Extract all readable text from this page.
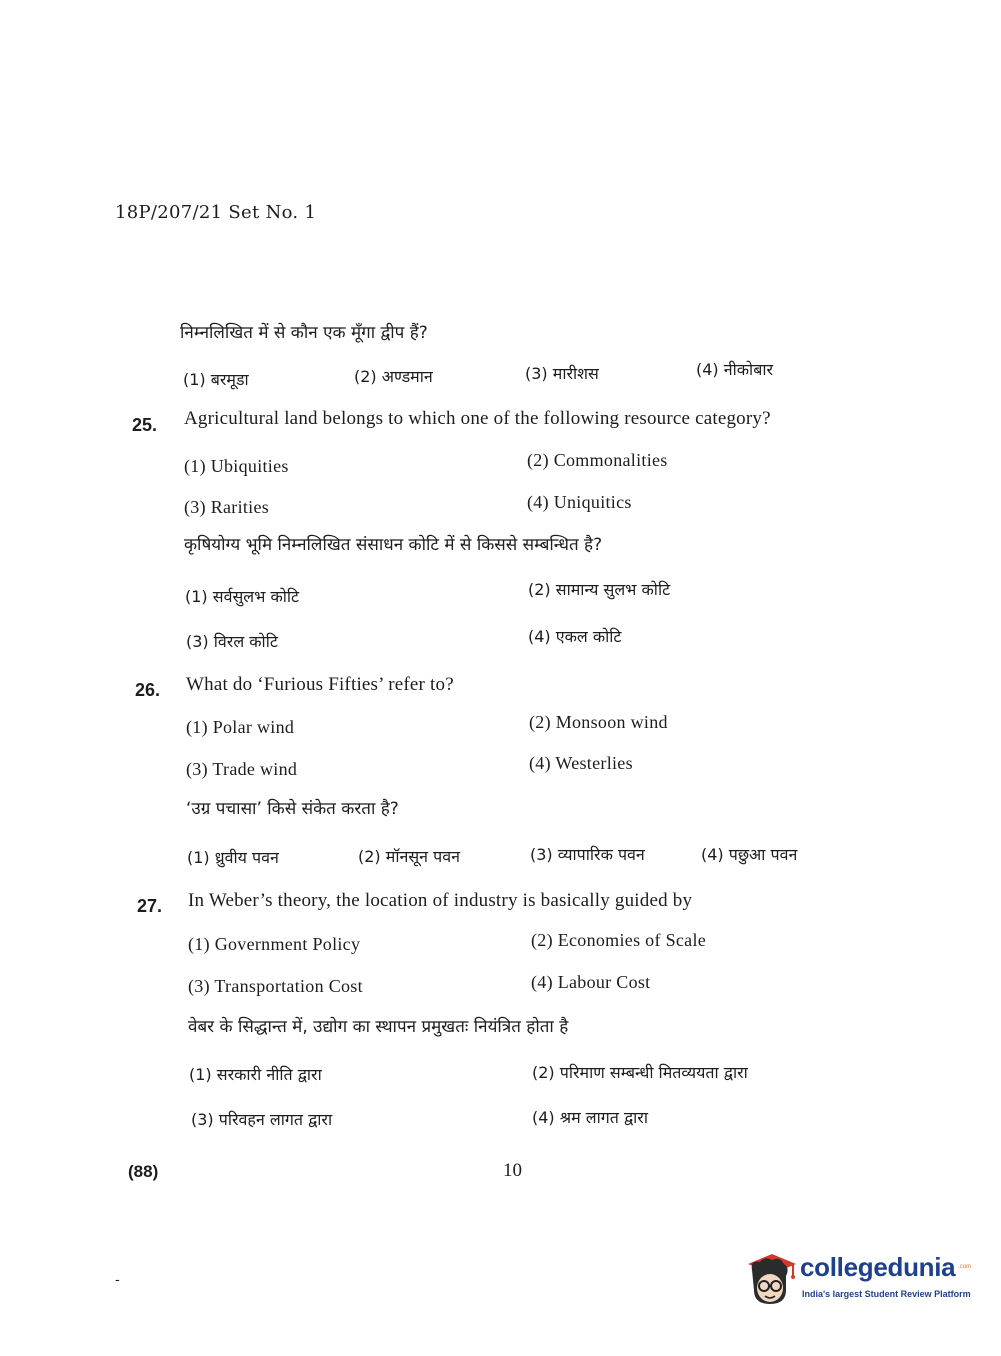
18P/207/21 Set No. 1
निम्नलिखित में से कौन एक मूँगा द्वीप हैं?
(1) बरमूडा	(2) अण्डमान	(3) मारीशस	(4) नीकोबार
25. Agricultural land belongs to which one of the following resource category?
(1) Ubiquities	(2) Commonalities
(3) Rarities	(4) Uniquitics
कृषियोग्य भूमि निम्नलिखित संसाधन कोटि में से किससे सम्बन्धित है?
(1) सर्वसुलभ कोटि	(2) सामान्य सुलभ कोटि
(3) विरल कोटि	(4) एकल कोटि
26. What do ‘Furious Fifties’ refer to?
(1) Polar wind	(2) Monsoon wind
(3) Trade wind	(4) Westerlies
‘उग्र पचासा’ किसे संकेत करता है?
(1) ध्रुवीय पवन	(2) मॉनसून पवन	(3) व्यापारिक पवन	(4) पछुआ पवन
27. In Weber’s theory, the location of industry is basically guided by
(1) Government Policy	(2) Economies of Scale
(3) Transportation Cost	(4) Labour Cost
वेबर के सिद्धान्त में, उद्योग का स्थापन प्रमुखतः नियंत्रित होता है
(1) सरकारी नीति द्वारा	(2) परिमाण सम्बन्धी मितव्ययता द्वारा
(3) परिवहन लागत द्वारा	(4) श्रम लागत द्वारा
(88)	10
-	collegedunia .com
India's largest Student Review Platform
